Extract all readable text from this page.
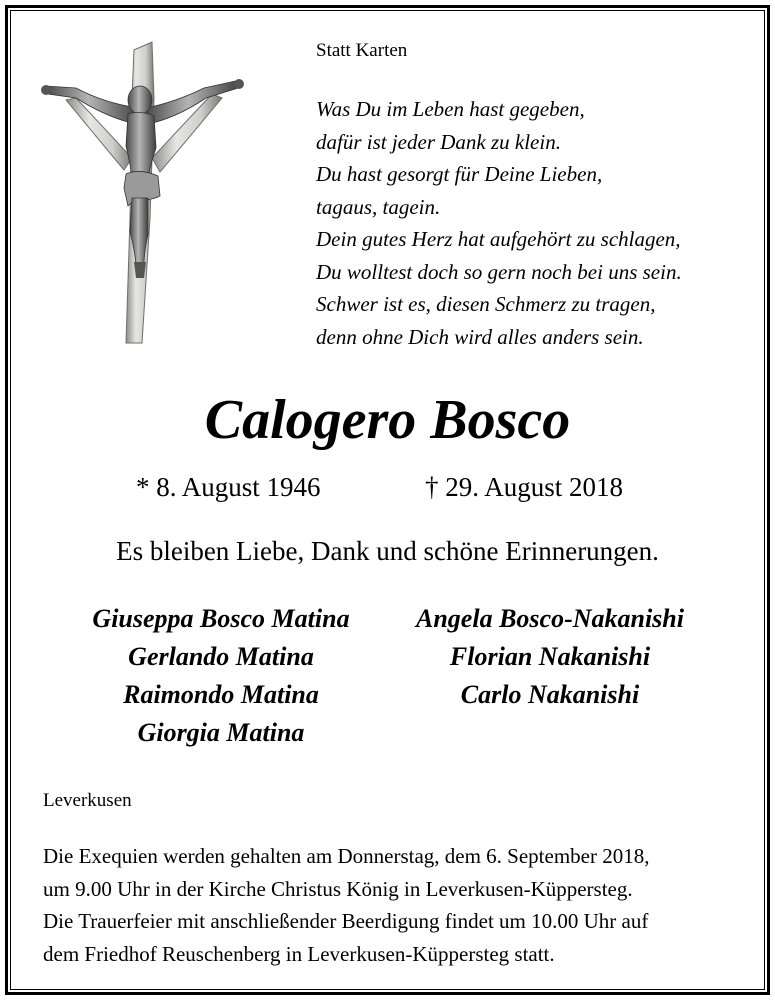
Statt Karten
Was Du im Leben hast gegeben,
dafür ist jeder Dank zu klein.
Du hast gesorgt für Deine Lieben,
tagaus, tagein.
Dein gutes Herz hat aufgehört zu schlagen,
Du wolltest doch so gern noch bei uns sein.
Schwer ist es, diesen Schmerz zu tragen,
denn ohne Dich wird alles anders sein.
Calogero Bosco
* 8. August 1946	† 29. August 2018
Es bleiben Liebe, Dank und schöne Erinnerungen.
Giuseppa Bosco Matina
Gerlando Matina
Raimondo Matina
Giorgia Matina
Angela Bosco-Nakanishi
Florian Nakanishi
Carlo Nakanishi
Leverkusen
Die Exequien werden gehalten am Donnerstag, dem 6. September 2018,
um 9.00 Uhr in der Kirche Christus König in Leverkusen-Küppersteg.
Die Trauerfeier mit anschließender Beerdigung findet um 10.00 Uhr auf
dem Friedhof Reuschenberg in Leverkusen-Küppersteg statt.
